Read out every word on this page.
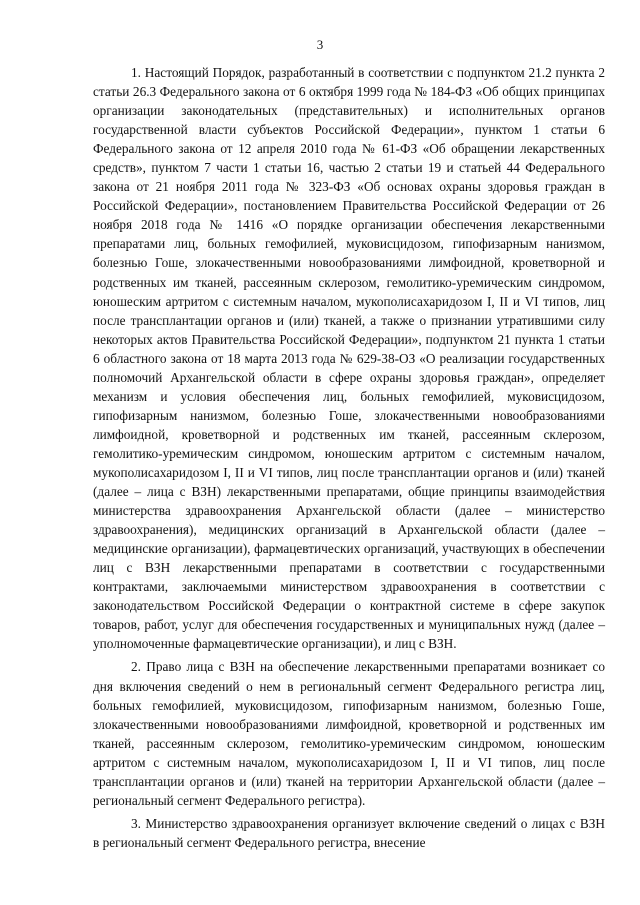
3

1. Настоящий Порядок, разработанный в соответствии с подпунктом 21.2 пункта 2 статьи 26.3 Федерального закона от 6 октября 1999 года № 184-ФЗ «Об общих принципах организации законодательных (представительных) и исполнительных органов государственной власти субъектов Российской Федерации», пунктом 1 статьи 6 Федерального закона от 12 апреля 2010 года № 61-ФЗ «Об обращении лекарственных средств», пунктом 7 части 1 статьи 16, частью 2 статьи 19 и статьей 44 Федерального закона от 21 ноября 2011 года № 323-ФЗ «Об основах охраны здоровья граждан в Российской Федерации», постановлением Правительства Российской Федерации от 26 ноября 2018 года № 1416 «О порядке организации обеспечения лекарственными препаратами лиц, больных гемофилией, муковисцидозом, гипофизарным нанизмом, болезнью Гоше, злокачественными новообразованиями лимфоидной, кроветворной и родственных им тканей, рассеянным склерозом, гемолитико-уремическим синдромом, юношеским артритом с системным началом, мукополисахаридозом I, II и VI типов, лиц после трансплантации органов и (или) тканей, а также о признании утратившими силу некоторых актов Правительства Российской Федерации», подпунктом 21 пункта 1 статьи 6 областного закона от 18 марта 2013 года № 629-38-ОЗ «О реализации государственных полномочий Архангельской области в сфере охраны здоровья граждан», определяет механизм и условия обеспечения лиц, больных гемофилией, муковисцидозом, гипофизарным нанизмом, болезнью Гоше, злокачественными новообразованиями лимфоидной, кроветворной и родственных им тканей, рассеянным склерозом, гемолитико-уремическим синдромом, юношеским артритом с системным началом, мукополисахаридозом I, II и VI типов, лиц после трансплантации органов и (или) тканей (далее – лица с ВЗН) лекарственными препаратами, общие принципы взаимодействия министерства здравоохранения Архангельской области (далее – министерство здравоохранения), медицинских организаций в Архангельской области (далее – медицинские организации), фармацевтических организаций, участвующих в обеспечении лиц с ВЗН лекарственными препаратами в соответствии с государственными контрактами, заключаемыми министерством здравоохранения в соответствии с законодательством Российской Федерации о контрактной системе в сфере закупок товаров, работ, услуг для обеспечения государственных и муниципальных нужд (далее – уполномоченные фармацевтические организации), и лиц с ВЗН.

2. Право лица с ВЗН на обеспечение лекарственными препаратами возникает со дня включения сведений о нем в региональный сегмент Федерального регистра лиц, больных гемофилией, муковисцидозом, гипофизарным нанизмом, болезнью Гоше, злокачественными новообразованиями лимфоидной, кроветворной и родственных им тканей, рассеянным склерозом, гемолитико-уремическим синдромом, юношеским артритом с системным началом, мукополисахаридозом I, II и VI типов, лиц после трансплантации органов и (или) тканей на территории Архангельской области (далее – региональный сегмент Федерального регистра).

3. Министерство здравоохранения организует включение сведений о лицах с ВЗН в региональный сегмент Федерального регистра, внесение
